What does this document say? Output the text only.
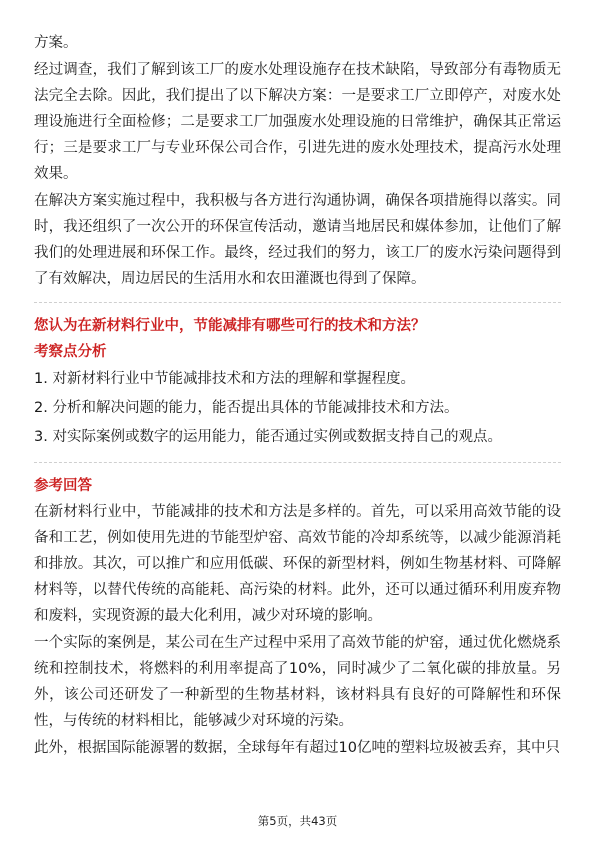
方案。

经过调查，我们了解到该工厂的废水处理设施存在技术缺陷，导致部分有毒物质无法完全去除。因此，我们提出了以下解决方案：一是要求工厂立即停产，对废水处理设施进行全面检修；二是要求工厂加强废水处理设施的日常维护，确保其正常运行；三是要求工厂与专业环保公司合作，引进先进的废水处理技术，提高污水处理效果。

在解决方案实施过程中，我积极与各方进行沟通协调，确保各项措施得以落实。同时，我还组织了一次公开的环保宣传活动，邀请当地居民和媒体参加，让他们了解我们的处理进展和环保工作。最终，经过我们的努力，该工厂的废水污染问题得到了有效解决，周边居民的生活用水和农田灌溉也得到了保障。

您认为在新材料行业中，节能减排有哪些可行的技术和方法？

考察点分析

1. 对新材料行业中节能减排技术和方法的理解和掌握程度。

2. 分析和解决问题的能力，能否提出具体的节能减排技术和方法。

3. 对实际案例或数字的运用能力，能否通过实例或数据支持自己的观点。

参考回答

在新材料行业中，节能减排的技术和方法是多样的。首先，可以采用高效节能的设备和工艺，例如使用先进的节能型炉窑、高效节能的冷却系统等，以减少能源消耗和排放。其次，可以推广和应用低碳、环保的新型材料，例如生物基材料、可降解材料等，以替代传统的高能耗、高污染的材料。此外，还可以通过循环利用废弃物和废料，实现资源的最大化利用，减少对环境的影响。

一个实际的案例是，某公司在生产过程中采用了高效节能的炉窑，通过优化燃烧系统和控制技术，将燃料的利用率提高了10%，同时减少了二氧化碳的排放量。另外，该公司还研发了一种新型的生物基材料，该材料具有良好的可降解性和环保性，与传统的材料相比，能够减少对环境的污染。

此外，根据国际能源署的数据，全球每年有超过10亿吨的塑料垃圾被丢弃，其中只

第5页，共43页
